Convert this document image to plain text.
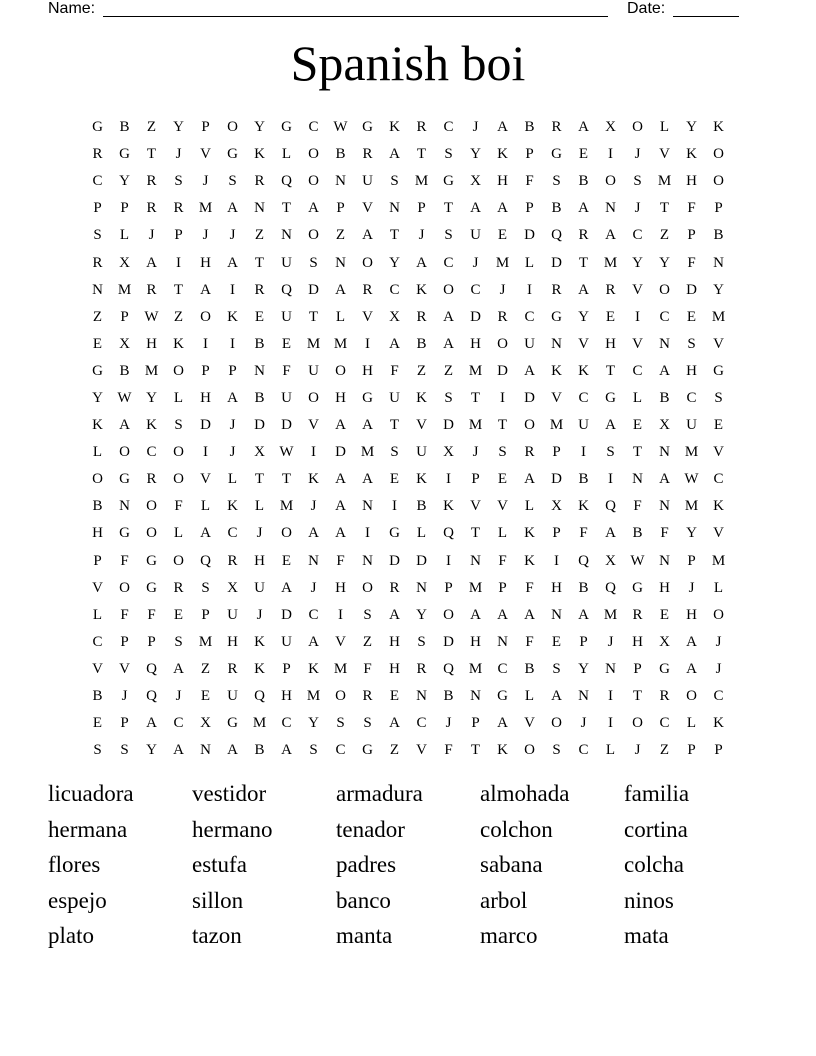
Name:	Date:
Spanish boi
G	B	Z	Y	P	O	Y	G	C W G	K	R	C	J	A	B	R	A	X	O	L	Y	K
R	G	T	J	V	G	K	L	O	B	R	A	T	S	Y	K	P	G	E	I	J	V	K	O
C	Y	R	S	J	S	R	Q	O	N	U	S	M G	X	H	F	S	B	O	S	M H	O
P	P	R	R	M A	N	T	A	P	V	N	P	T	A	A	P	B	A	N	J	T	F	P
S	L	J	P	J	J	Z	N	O	Z	A	T	J	S	U	E	D	Q	R	A	C	Z	P	B
R	X	A	I	H	A	T	U	S	N	O	Y	A	C	J	M	L	D	T	M Y	Y	F	N
N M	R	T	A	I	R	Q	D	A	R	C	K	O	C	J	I	R	A	R	V	O	D	Y
Z	P	W	Z	O	K	E	U	T	L	V	X	R	A	D	R	C	G	Y	E	I	C	E	M
E	X	H	K	I	I	B	E	M M	I	A	B	A	H	O	U	N	V	H	V	N	S	V
G	B	M O	P	P	N	F	U	O	H	F	Z	Z	M D	A	K	K	T	C	A	H	G
Y W Y	L	H	A	B	U	O	H	G	U	K	S	T	I	D	V	C	G	L	B	C	S
K	A	K	S	D	J	D	D	V	A	A	T	V	D M	T	O M U	A	E	X	U	E
L	O	C	O	I	J	X W	I	D M	S	U	X	J	S	R	P	I	S	T	N M V
O	G	R	O	V	L	T	T	K	A	A	E	K	I	P	E	A	D	B	I	N	A W C
B	N	O	F	L	K	L	M	J	A	N	I	B	K	V	V	L	X	K	Q	F	N M K
H	G	O	L	A	C	J	O	A	A	I	G	L	Q	T	L	K	P	F	A	B	F	Y	V
P	F	G	O	Q	R	H	E	N	F	N	D	D	I	N	F	K	I	Q	X W N	P	M
V	O	G	R	S	X	U	A	J	H	O	R	N	P	M	P	F	H	B	Q	G	H	J	L
L	F	F	E	P	U	J	D	C	I	S	A	Y	O	A	A	A	N	A M	R	E	H	O
C	P	P	S	M H	K	U	A	V	Z	H	S	D	H	N	F	E	P	J	H	X	A	J
V	V	Q	A	Z	R	K	P	K M	F	H	R	Q M	C	B	S	Y	N	P	G	A	J
B	J	Q	J	E	U	Q	H M O	R	E	N	B	N	G	L	A	N	I	T	R	O	C
E	P	A	C	X	G M	C	Y	S	S	A	C	J	P	A	V	O	J	I	O	C	L	K
S	S	Y	A	N	A	B	A	S	C	G	Z	V	F	T	K	O	S	C	L	J	Z	P	P
licuadora	vestidor	armadura	almohada	familia
hermana	hermano	tenador	colchon	cortina
flores	estufa	padres	sabana	colcha
espejo	sillon	banco	arbol	ninos
plato	tazon	manta	marco	mata
